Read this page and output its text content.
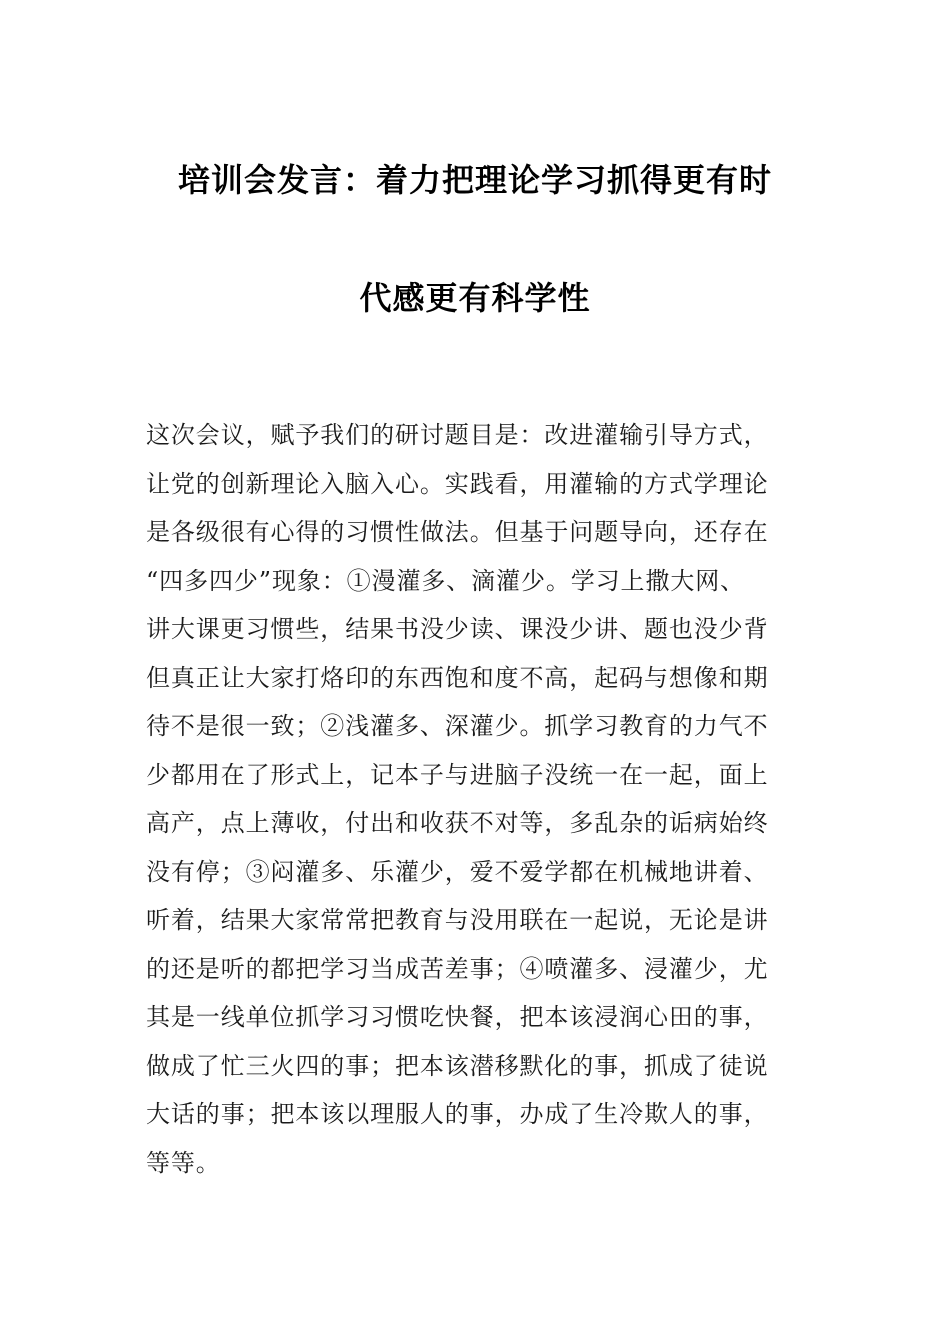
培训会发言：着力把理论学习抓得更有时
代感更有科学性
这次会议，赋予我们的研讨题目是：改进灌输引导方式，
让党的创新理论入脑入心。实践看，用灌输的方式学理论
是各级很有心得的习惯性做法。但基于问题导向，还存在
“四多四少”现象：①漫灌多、滴灌少。学习上撒大网、
讲大课更习惯些，结果书没少读、课没少讲、题也没少背
但真正让大家打烙印的东西饱和度不高，起码与想像和期
待不是很一致；②浅灌多、深灌少。抓学习教育的力气不
少都用在了形式上，记本子与进脑子没统一在一起，面上
高产，点上薄收，付出和收获不对等，多乱杂的诟病始终
没有停；③闷灌多、乐灌少，爱不爱学都在机械地讲着、
听着，结果大家常常把教育与没用联在一起说，无论是讲
的还是听的都把学习当成苦差事；④喷灌多、浸灌少，尤
其是一线单位抓学习习惯吃快餐，把本该浸润心田的事，
做成了忙三火四的事；把本该潜移默化的事，抓成了徒说
大话的事；把本该以理服人的事，办成了生冷欺人的事，
等等。
